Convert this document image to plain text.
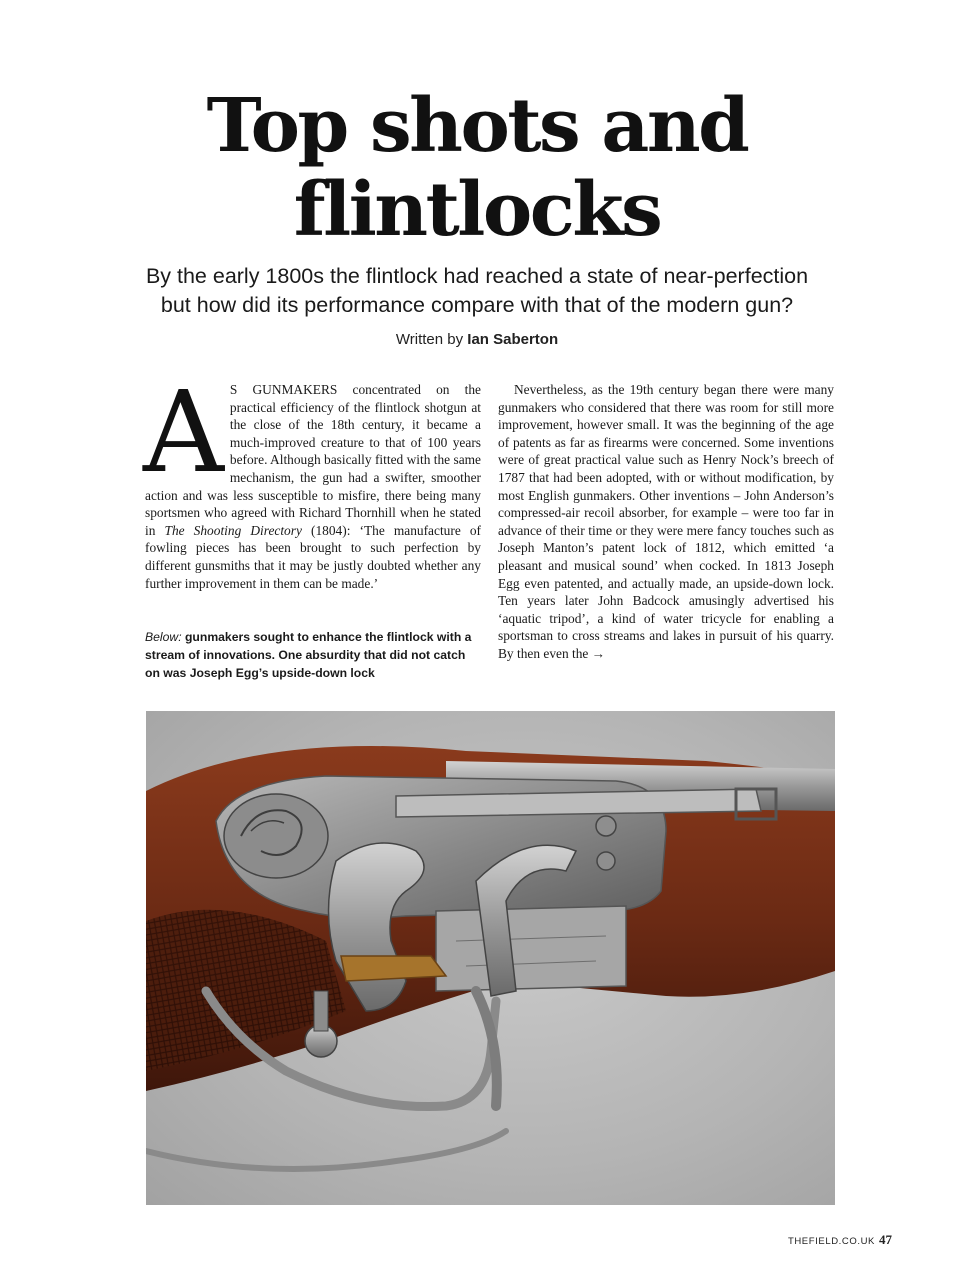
Top shots and
flintlocks

By the early 1800s the flintlock had reached a state of near-perfection
but how did its performance compare with that of the modern gun?

Written by Ian Saberton

A S GUNMAKERS concentrated on the practical efficiency of the flintlock shotgun at the close of the 18th century, it became a much-improved creature to that of 100 years before. Although basically fitted with the same mechanism, the gun had a swifter, smoother action and was less susceptible to misfire, there being many sportsmen who agreed with Richard Thornhill when he stated in The Shooting Directory (1804): ‘The manufacture of fowling pieces has been brought to such perfection by different gunsmiths that it may be justly doubted whether any further improvement in them can be made.’
Below: gunmakers sought to enhance the flintlock with a stream of innovations. One absurdity that did not catch on was Joseph Egg’s upside-down lock
Nevertheless, as the 19th century began there were many gunmakers who considered that there was room for still more improvement, however small. It was the beginning of the age of patents as far as firearms were concerned. Some inventions were of great practical value such as Henry Nock’s breech of 1787 that had been adopted, with or without modification, by most English gunmakers. Other inventions – John Anderson’s compressed-air recoil absorber, for example – were too far in advance of their time or they were mere fancy touches such as Joseph Manton’s patent lock of 1812, which emitted ‘a pleasant and musical sound’ when cocked. In 1813 Joseph Egg even patented, and actually made, an upside-down lock. Ten years later John Badcock amusingly advertised his ‘aquatic tripod’, a kind of water tricycle for enabling a sportsman to cross streams and lakes in pursuit of his quarry. By then even the →
THEFIELD.CO.UK 47
